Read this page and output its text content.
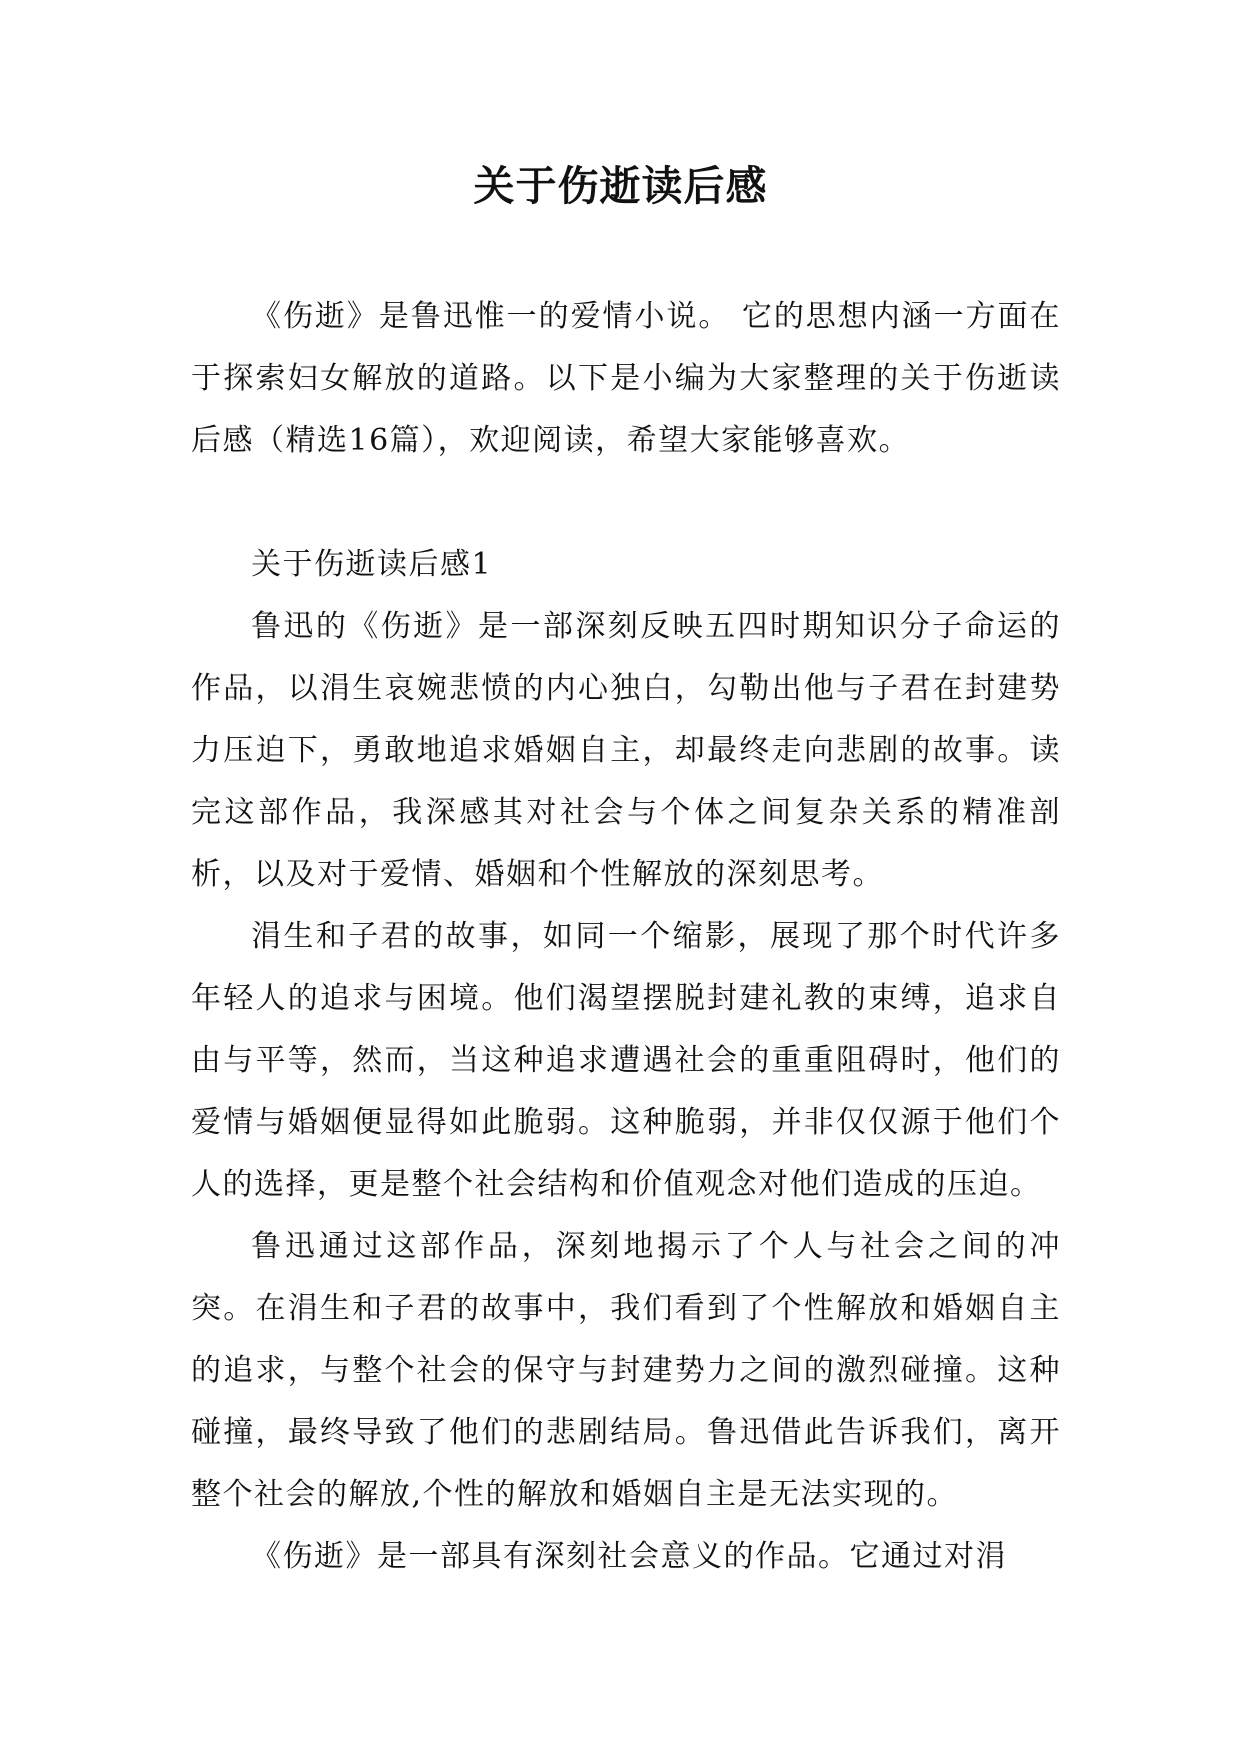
关于伤逝读后感

《伤逝》是鲁迅惟一的爱情小说。 它的思想内涵一方面在于探索妇女解放的道路。以下是小编为大家整理的关于伤逝读后感（精选16篇），欢迎阅读，希望大家能够喜欢。

关于伤逝读后感1

鲁迅的《伤逝》是一部深刻反映五四时期知识分子命运的作品，以涓生哀婉悲愤的内心独白，勾勒出他与子君在封建势力压迫下，勇敢地追求婚姻自主，却最终走向悲剧的故事。读完这部作品，我深感其对社会与个体之间复杂关系的精准剖析，以及对于爱情、婚姻和个性解放的深刻思考。

涓生和子君的故事，如同一个缩影，展现了那个时代许多年轻人的追求与困境。他们渴望摆脱封建礼教的束缚，追求自由与平等，然而，当这种追求遭遇社会的重重阻碍时，他们的爱情与婚姻便显得如此脆弱。这种脆弱，并非仅仅源于他们个人的选择，更是整个社会结构和价值观念对他们造成的压迫。

鲁迅通过这部作品，深刻地揭示了个人与社会之间的冲突。在涓生和子君的故事中，我们看到了个性解放和婚姻自主的追求，与整个社会的保守与封建势力之间的激烈碰撞。这种碰撞，最终导致了他们的悲剧结局。鲁迅借此告诉我们，离开整个社会的解放,个性的解放和婚姻自主是无法实现的。

《伤逝》是一部具有深刻社会意义的作品。它通过对涓
